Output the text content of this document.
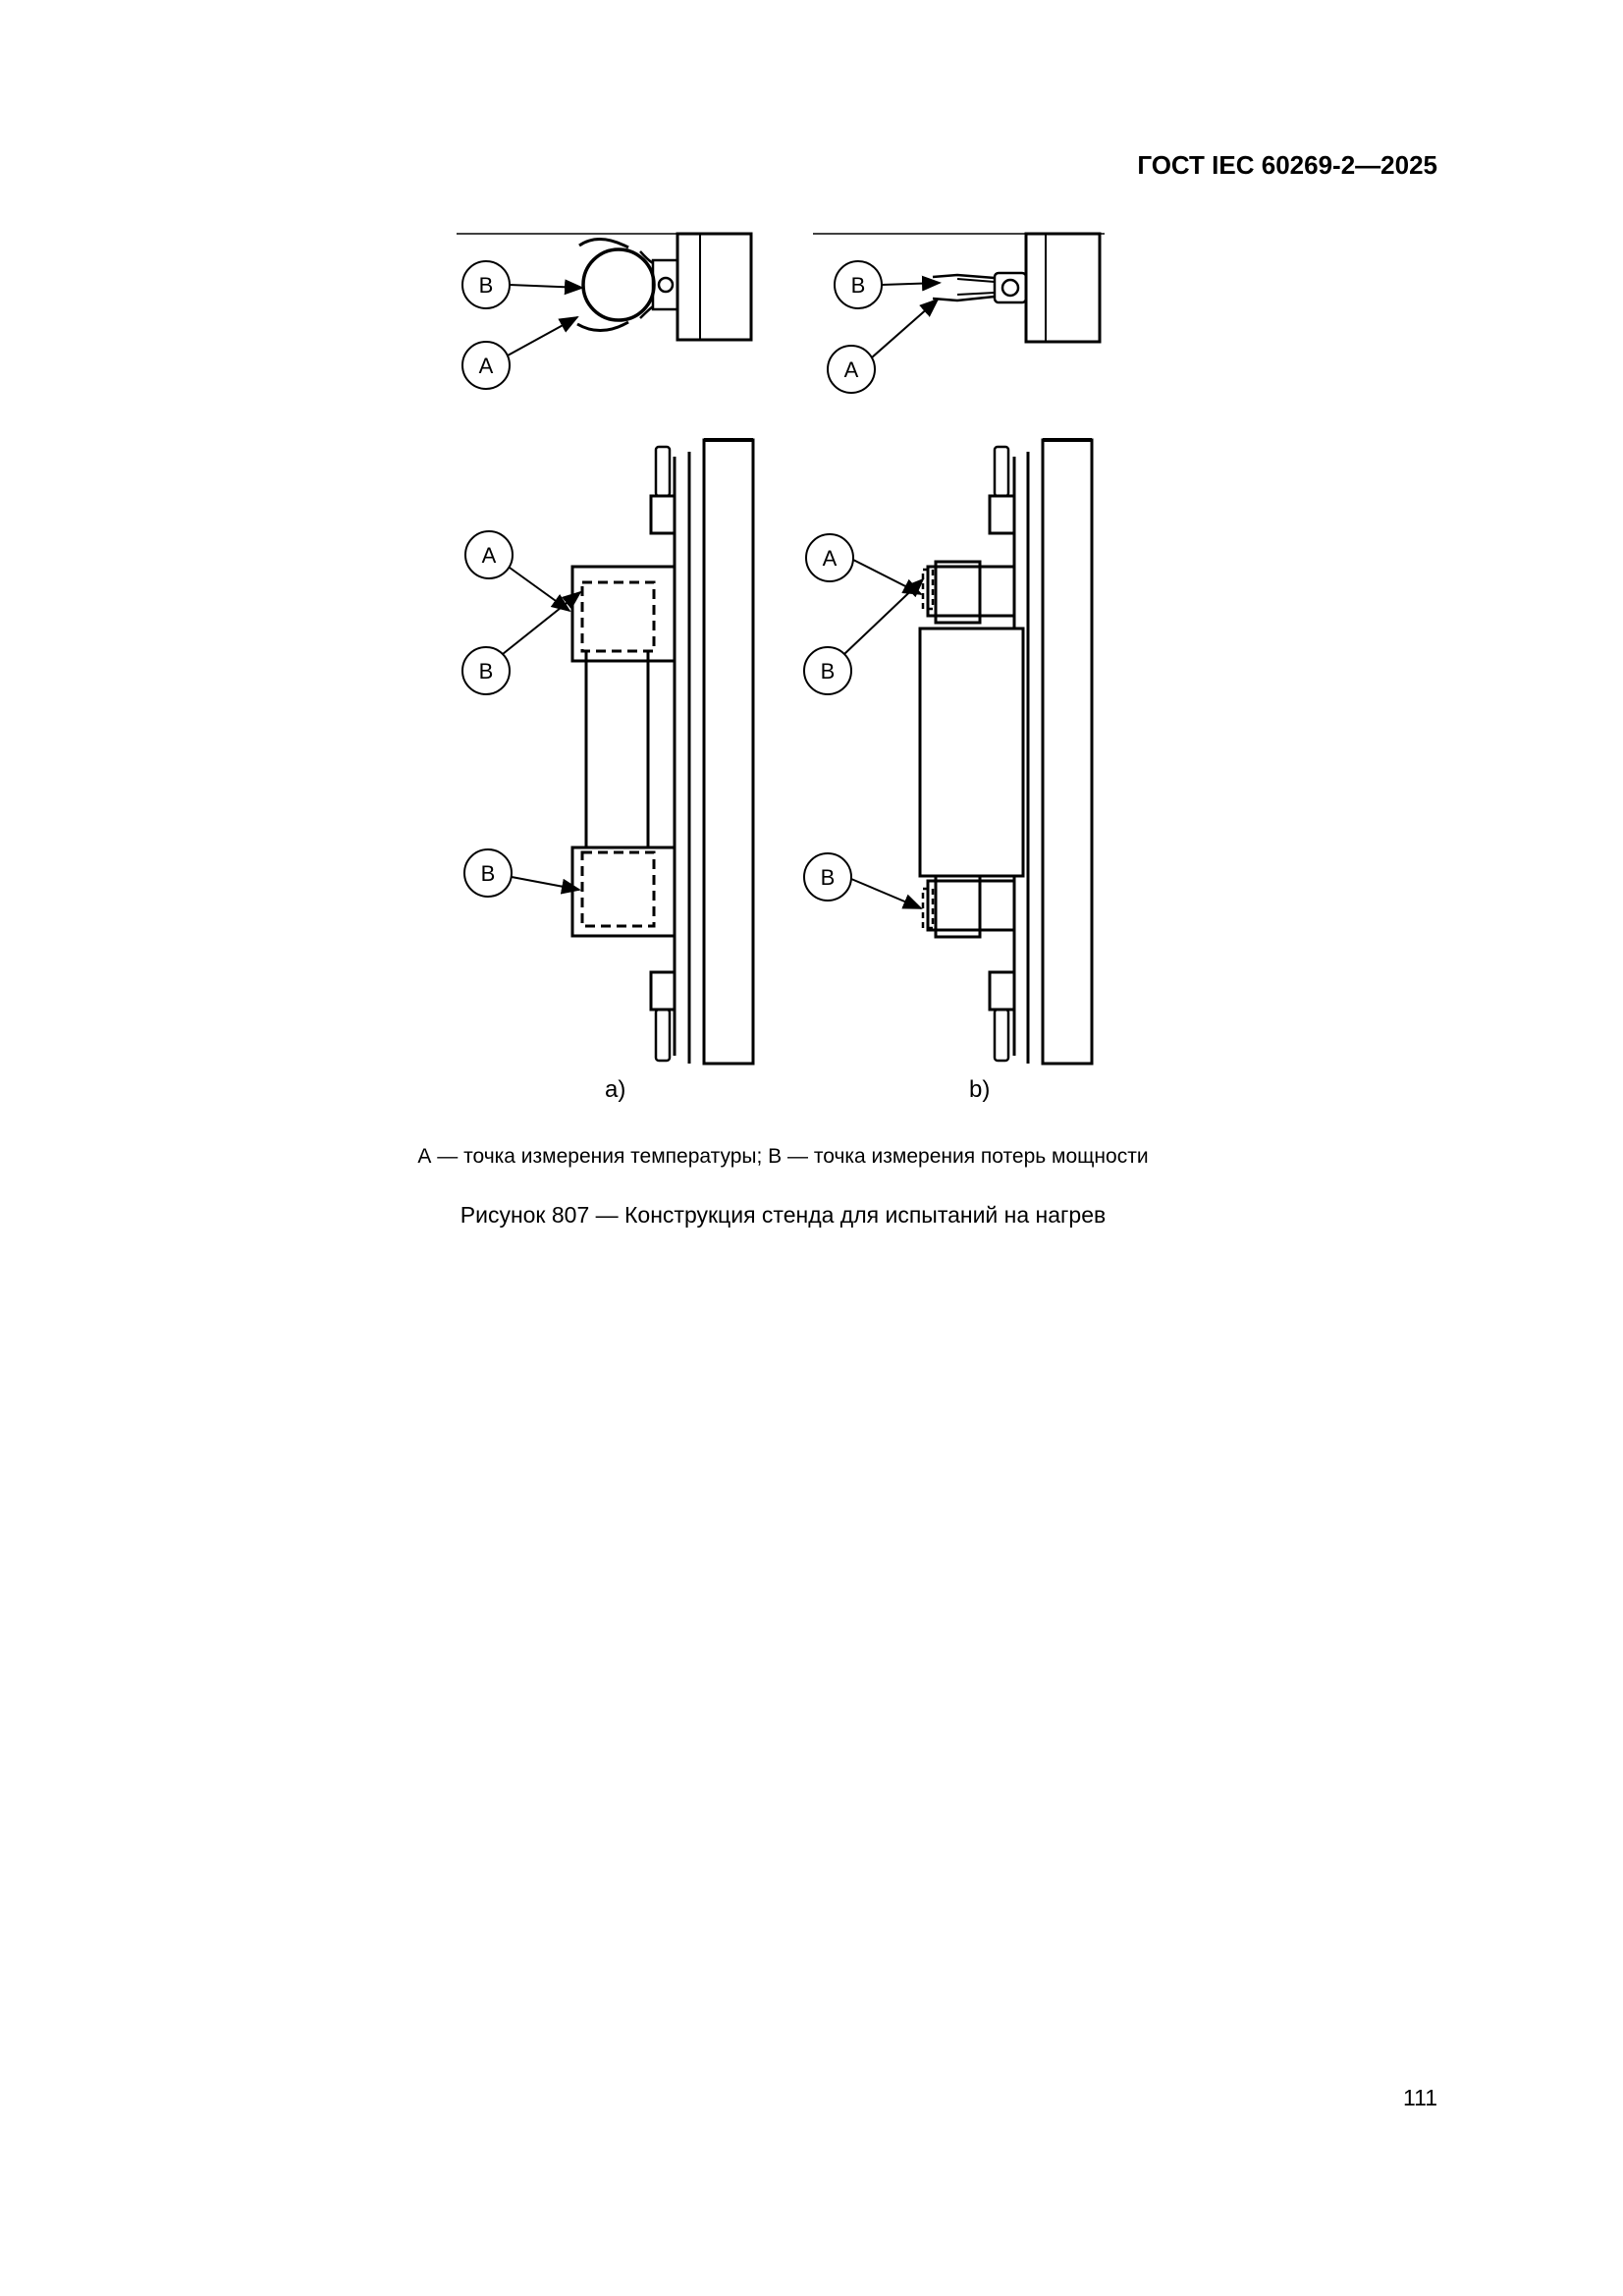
ГОСТ IEC 60269-2—2025
B
A
B
A
A
B
B
A
B
B
а)	b)
А — точка измерения температуры; В — точка измерения потерь мощности
Рисунок 807 — Конструкция стенда для испытаний на нагрев
111
